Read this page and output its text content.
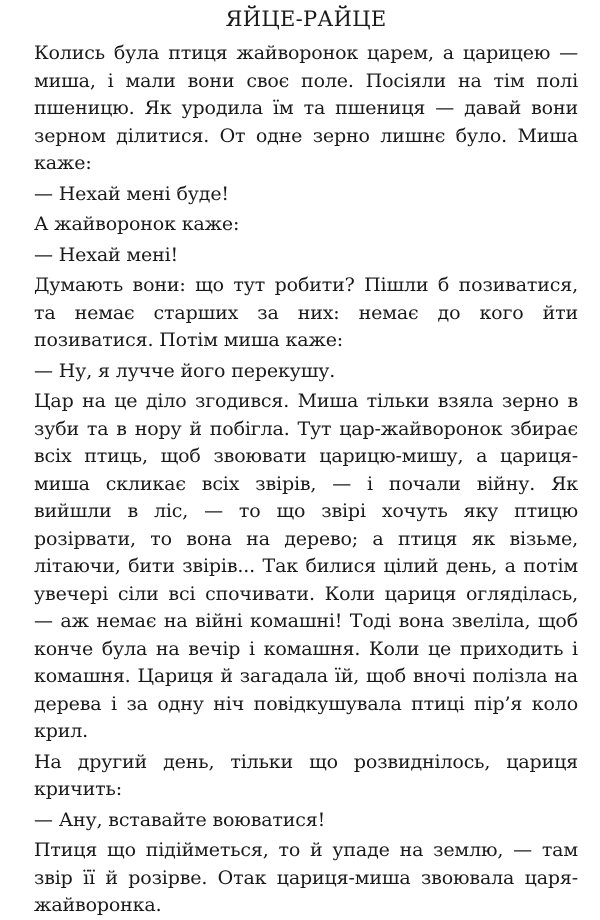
ЯЙЦЕ-РАЙЦЕ

Колись була птиця жайворонок царем, а царицею — миша, і мали вони своє поле. Посіяли на тім полі пшеницю. Як уродила їм та пшениця — давай вони зерном ділитися. От одне зерно лишнє було. Миша каже:

— Нехай мені буде!

А жайворонок каже:

— Нехай мені!

Думають вони: що тут робити? Пішли б позиватися, та немає старших за них: немає до кого йти позиватися. Потім миша каже:

— Ну, я лучче його перекушу.

Цар на це діло згодився. Миша тільки взяла зерно в зуби та в нору й побігла. Тут цар-жайворонок збирає всіх птиць, щоб звоювати царицю-мишу, а цариця-миша скликає всіх звірів, — і почали війну. Як вийшли в ліс, — то що звірі хочуть яку птицю розірвати, то вона на дерево; а птиця як візьме, літаючи, бити звірів... Так билися цілий день, а потім увечері сіли всі спочивати. Коли цариця огляділась, — аж немає на війні комашні! Тоді вона звеліла, щоб конче була на вечір і комашня. Коли це приходить і комашня. Цариця й загадала їй, щоб вночі полізла на дерева і за одну ніч повідкушувала птиці пір’я коло крил.

На другий день, тільки що розвиднілось, цариця кричить:

— Ану, вставайте воюватися!

Птиця що підійметься, то й упаде на землю, — там звір її й розірве. Отак цариця-миша звоювала царя-жайворонка.
